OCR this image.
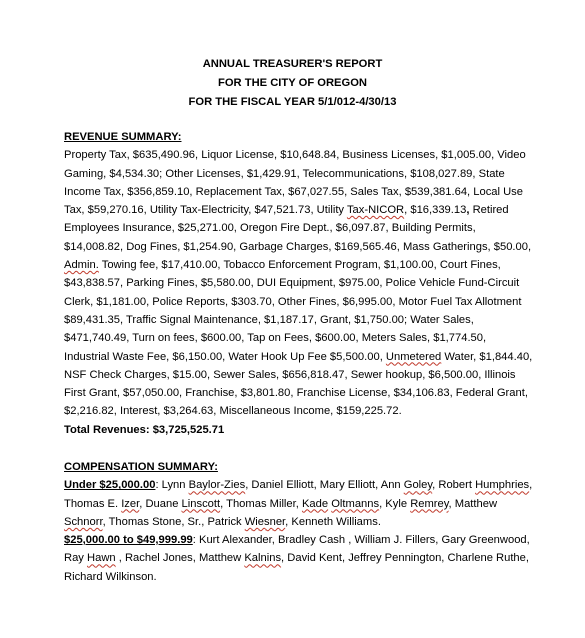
ANNUAL TREASURER'S REPORT
FOR THE CITY OF OREGON
FOR THE FISCAL YEAR 5/1/012-4/30/13
REVENUE SUMMARY:
Property Tax, $635,490.96, Liquor License, $10,648.84, Business Licenses, $1,005.00, Video Gaming, $4,534.30; Other Licenses, $1,429.91, Telecommunications, $108,027.89, State Income Tax, $356,859.10, Replacement Tax, $67,027.55, Sales Tax, $539,381.64, Local Use Tax, $59,270.16, Utility Tax-Electricity, $47,521.73, Utility Tax-NICOR, $16,339.13, Retired Employees Insurance, $25,271.00, Oregon Fire Dept., $6,097.87, Building Permits, $14,008.82, Dog Fines, $1,254.90, Garbage Charges, $169,565.46, Mass Gatherings, $50.00, Admin. Towing fee, $17,410.00, Tobacco Enforcement Program, $1,100.00, Court Fines, $43,838.57, Parking Fines, $5,580.00, DUI Equipment, $975.00, Police Vehicle Fund-Circuit Clerk, $1,181.00, Police Reports, $303.70, Other Fines, $6,995.00, Motor Fuel Tax Allotment $89,431.35, Traffic Signal Maintenance, $1,187.17, Grant, $1,750.00; Water Sales, $471,740.49, Turn on fees, $600.00, Tap on Fees, $600.00, Meters Sales, $1,774.50, Industrial Waste Fee, $6,150.00, Water Hook Up Fee $5,500.00, Unmetered Water, $1,844.40, NSF Check Charges, $15.00, Sewer Sales, $656,818.47, Sewer hookup, $6,500.00, Illinois First Grant, $57,050.00, Franchise, $3,801.80, Franchise License, $34,106.83, Federal Grant, $2,216.82, Interest, $3,264.63, Miscellaneous Income, $159,225.72.
Total Revenues: $3,725,525.71
COMPENSATION SUMMARY:
Under $25,000.00: Lynn Baylor-Zies, Daniel Elliott, Mary Elliott, Ann Goley, Robert Humphries, Thomas E. Izer, Duane Linscott, Thomas Miller, Kade Oltmanns, Kyle Remrey, Matthew Schnorr, Thomas Stone, Sr., Patrick Wiesner, Kenneth Williams.
$25,000.00 to $49,999.99: Kurt Alexander, Bradley Cash , William J. Fillers, Gary Greenwood, Ray Hawn , Rachel Jones, Matthew Kalnins, David Kent, Jeffrey Pennington, Charlene Ruthe, Richard Wilkinson.
